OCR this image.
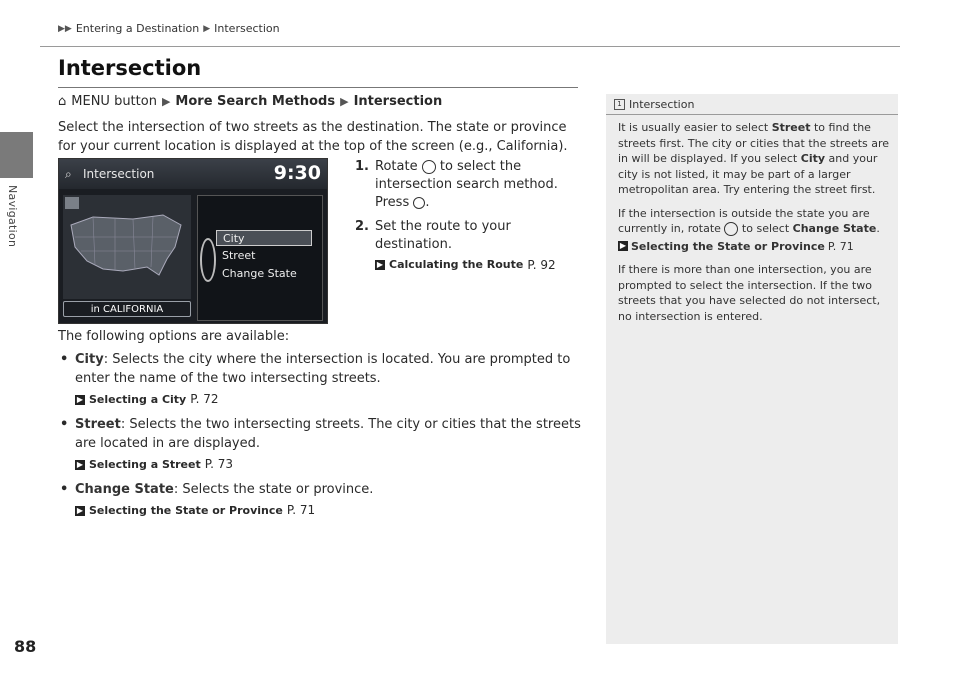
Navigation
88
▶▶ Entering a Destination ▶ Intersection
Intersection
⌂ MENU button ▶ More Search Methods ▶ Intersection

Select the intersection of two streets as the destination. The state or province for your current location is displayed at the top of the screen (e.g., California).

⌕ Intersection	9:30
in CALIFORNIA
City
Street
Change State
1. Rotate to select the intersection search method. Press .
2. Set the route to your destination.
▶ Calculating the Route P. 92

The following options are available:

• City: Selects the city where the intersection is located. You are prompted to enter the name of the two intersecting streets.
▶ Selecting a City P. 72
• Street: Selects the two intersecting streets. The city or cities that the streets are located in are displayed.
▶ Selecting a Street P. 73
• Change State: Selects the state or province.
▶ Selecting the State or Province P. 71
1 Intersection

It is usually easier to select Street to find the streets first. The city or cities that the streets are in will be displayed. If you select City and your city is not listed, it may be part of a larger metropolitan area. Try entering the street first.

If the intersection is outside the state you are currently in, rotate to select Change State.

▶ Selecting the State or Province P. 71

If there is more than one intersection, you are prompted to select the intersection. If the two streets that you have selected do not intersect, no intersection is entered.
